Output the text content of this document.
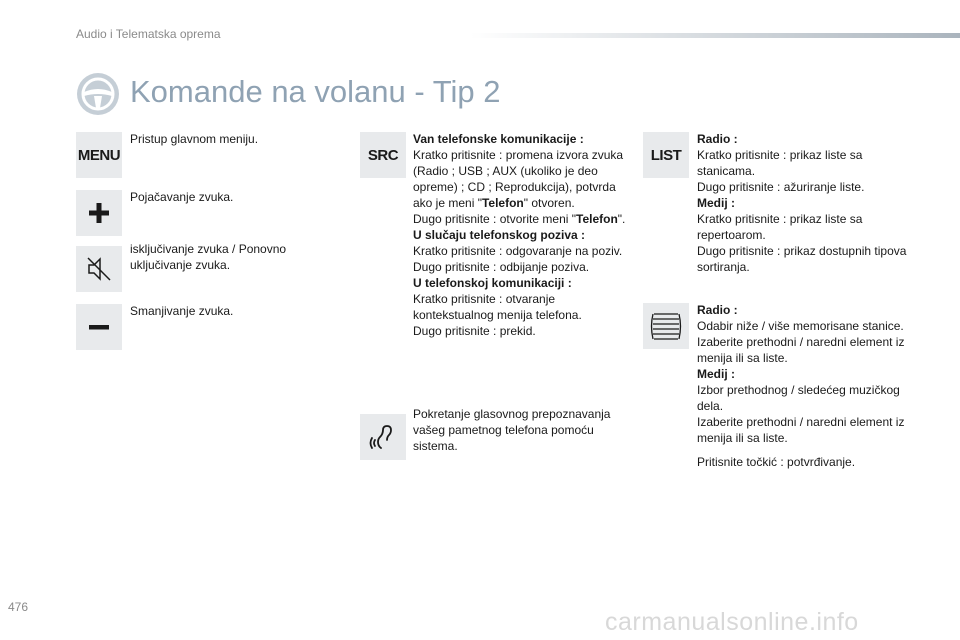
Audio i Telematska oprema
Komande na volanu - Tip 2
MENU
Pristup glavnom meniju.
Pojačavanje zvuka.
isključivanje zvuka / Ponovno uključivanje zvuka.
Smanjivanje zvuka.
SRC

Van telefonske komunikacije :

Kratko pritisnite : promena izvora zvuka (Radio ; USB ; AUX (ukoliko je deo opreme) ; CD ; Reprodukcija), potvrda ako je meni "Telefon" otvoren.

Dugo pritisnite : otvorite meni "Telefon".

U slučaju telefonskog poziva :

Kratko pritisnite : odgovaranje na poziv.

Dugo pritisnite : odbijanje poziva.

U telefonskoj komunikaciji :

Kratko pritisnite : otvaranje kontekstualnog menija telefona.

Dugo pritisnite : prekid.

Pokretanje glasovnog prepoznavanja vašeg pametnog telefona pomoću sistema.
LIST

Radio :

Kratko pritisnite : prikaz liste sa stanicama.

Dugo pritisnite : ažuriranje liste.

Medij :

Kratko pritisnite : prikaz liste sa repertoarom.

Dugo pritisnite : prikaz dostupnih tipova sortiranja.

Radio :

Odabir niže / više memorisane stanice.

Izaberite prethodni / naredni element iz menija ili sa liste.

Medij :

Izbor prethodnog / sledećeg muzičkog dela.

Izaberite prethodni / naredni element iz menija ili sa liste.

Pritisnite točkić : potvrđivanje.

476
carmanualsonline.info
